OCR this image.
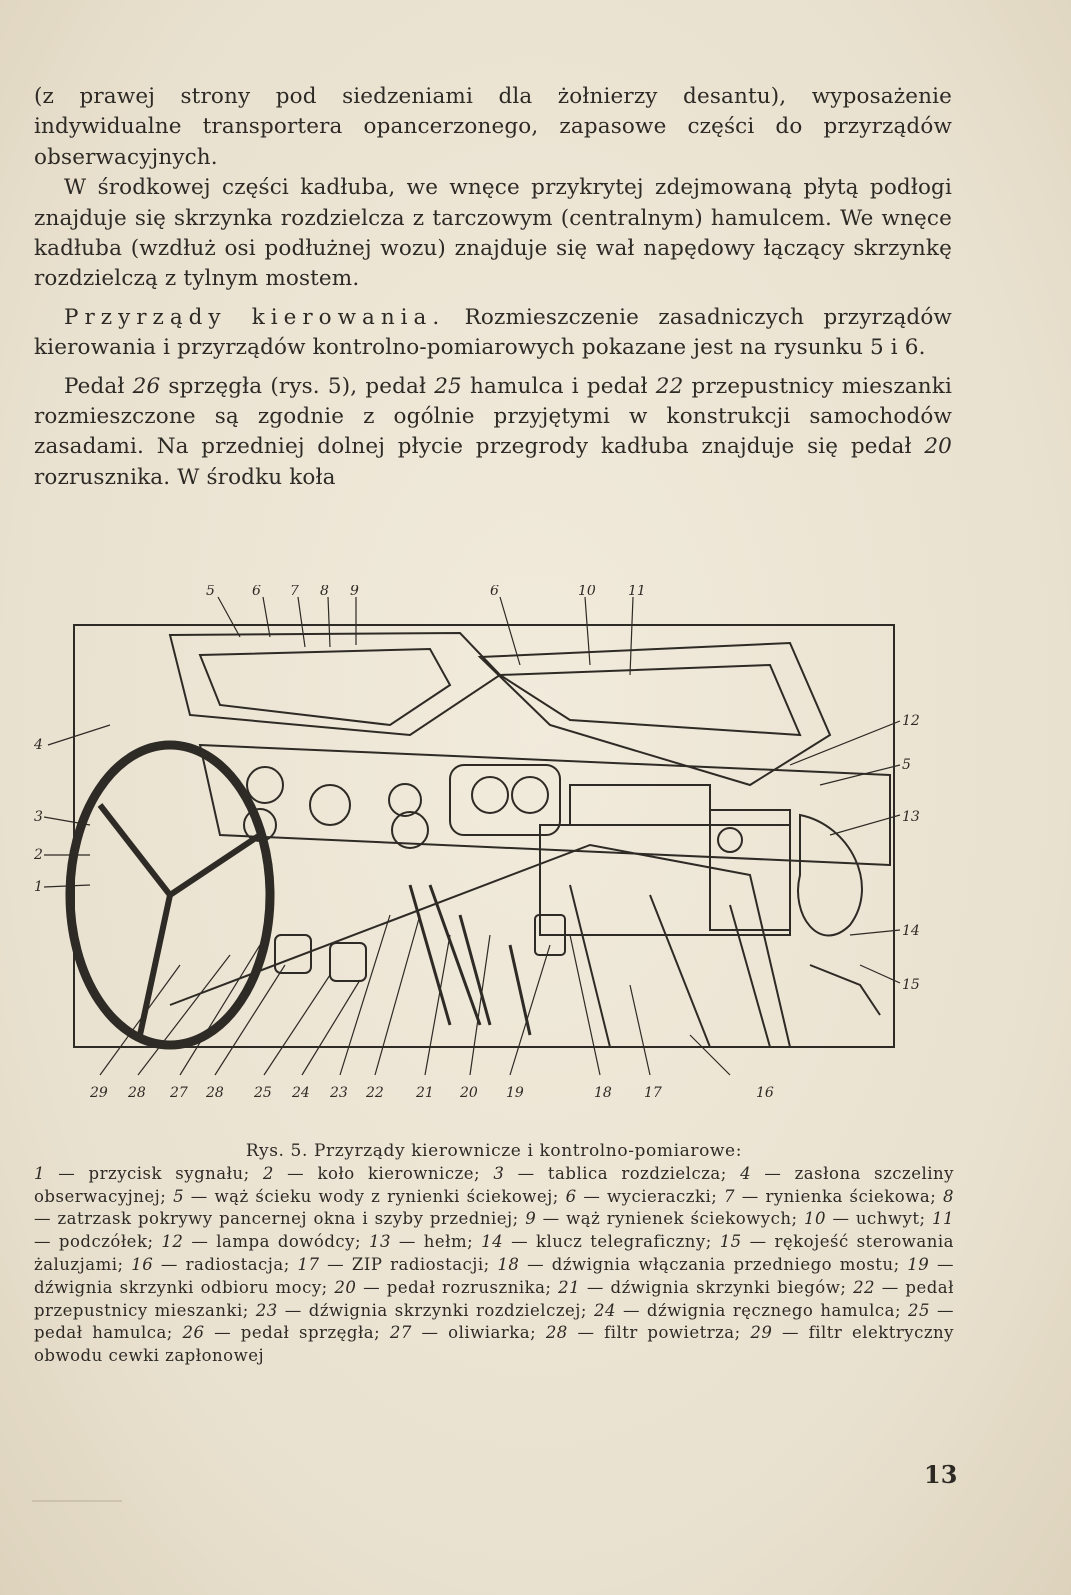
(z prawej strony pod siedzeniami dla żołnierzy desantu), wyposażenie indywidualne transportera opancerzonego, zapasowe części do przyrządów obserwacyjnych.

W środkowej części kadłuba, we wnęce przykrytej zdejmowaną płytą podłogi znajduje się skrzynka rozdzielcza z tarczowym (centralnym) hamulcem. We wnęce kadłuba (wzdłuż osi podłużnej wozu) znajduje się wał napędowy łączący skrzynkę rozdzielczą z tylnym mostem.

Przyrządy kierowania. Rozmieszczenie zasadniczych przyrządów kierowania i przyrządów kontrolno-pomiarowych pokazane jest na rysunku 5 i 6.

Pedał 26 sprzęgła (rys. 5), pedał 25 hamulca i pedał 22 przepustnicy mieszanki rozmieszczone są zgodnie z ogólnie przyjętymi w konstrukcji samochodów zasadami. Na przedniej dolnej płycie przegrody kadłuba znajduje się pedał 20 rozrusznika. W środku koła

5	6 7 8 9	6	10 11
4
3
2
1
12
5
13
14
15
29 28 27 28 25 24 23 22 21 20 19	18 17	16
Rys. 5. Przyrządy kierownicze i kontrolno-pomiarowe:
1 — przycisk sygnału; 2 — koło kierownicze; 3 — tablica rozdzielcza; 4 — zasłona szczeliny obserwacyjnej; 5 — wąż ścieku wody z rynienki ściekowej; 6 — wycieraczki; 7 — rynienka ściekowa; 8 — zatrzask pokrywy pancernej okna i szyby przedniej; 9 — wąż rynienek ściekowych; 10 — uchwyt; 11 — podczółek; 12 — lampa dowódcy; 13 — hełm; 14 — klucz telegraficzny; 15 — rękojeść sterowania żaluzjami; 16 — radiostacja; 17 — ZIP radiostacji; 18 — dźwignia włączania przedniego mostu; 19 — dźwignia skrzynki odbioru mocy; 20 — pedał rozrusznika; 21 — dźwignia skrzynki biegów; 22 — pedał przepustnicy mieszanki; 23 — dźwignia skrzynki rozdzielczej; 24 — dźwignia ręcznego hamulca; 25 — pedał hamulca; 26 — pedał sprzęgła; 27 — oliwiarka; 28 — filtr powietrza; 29 — filtr elektryczny obwodu cewki zapłonowej
13
